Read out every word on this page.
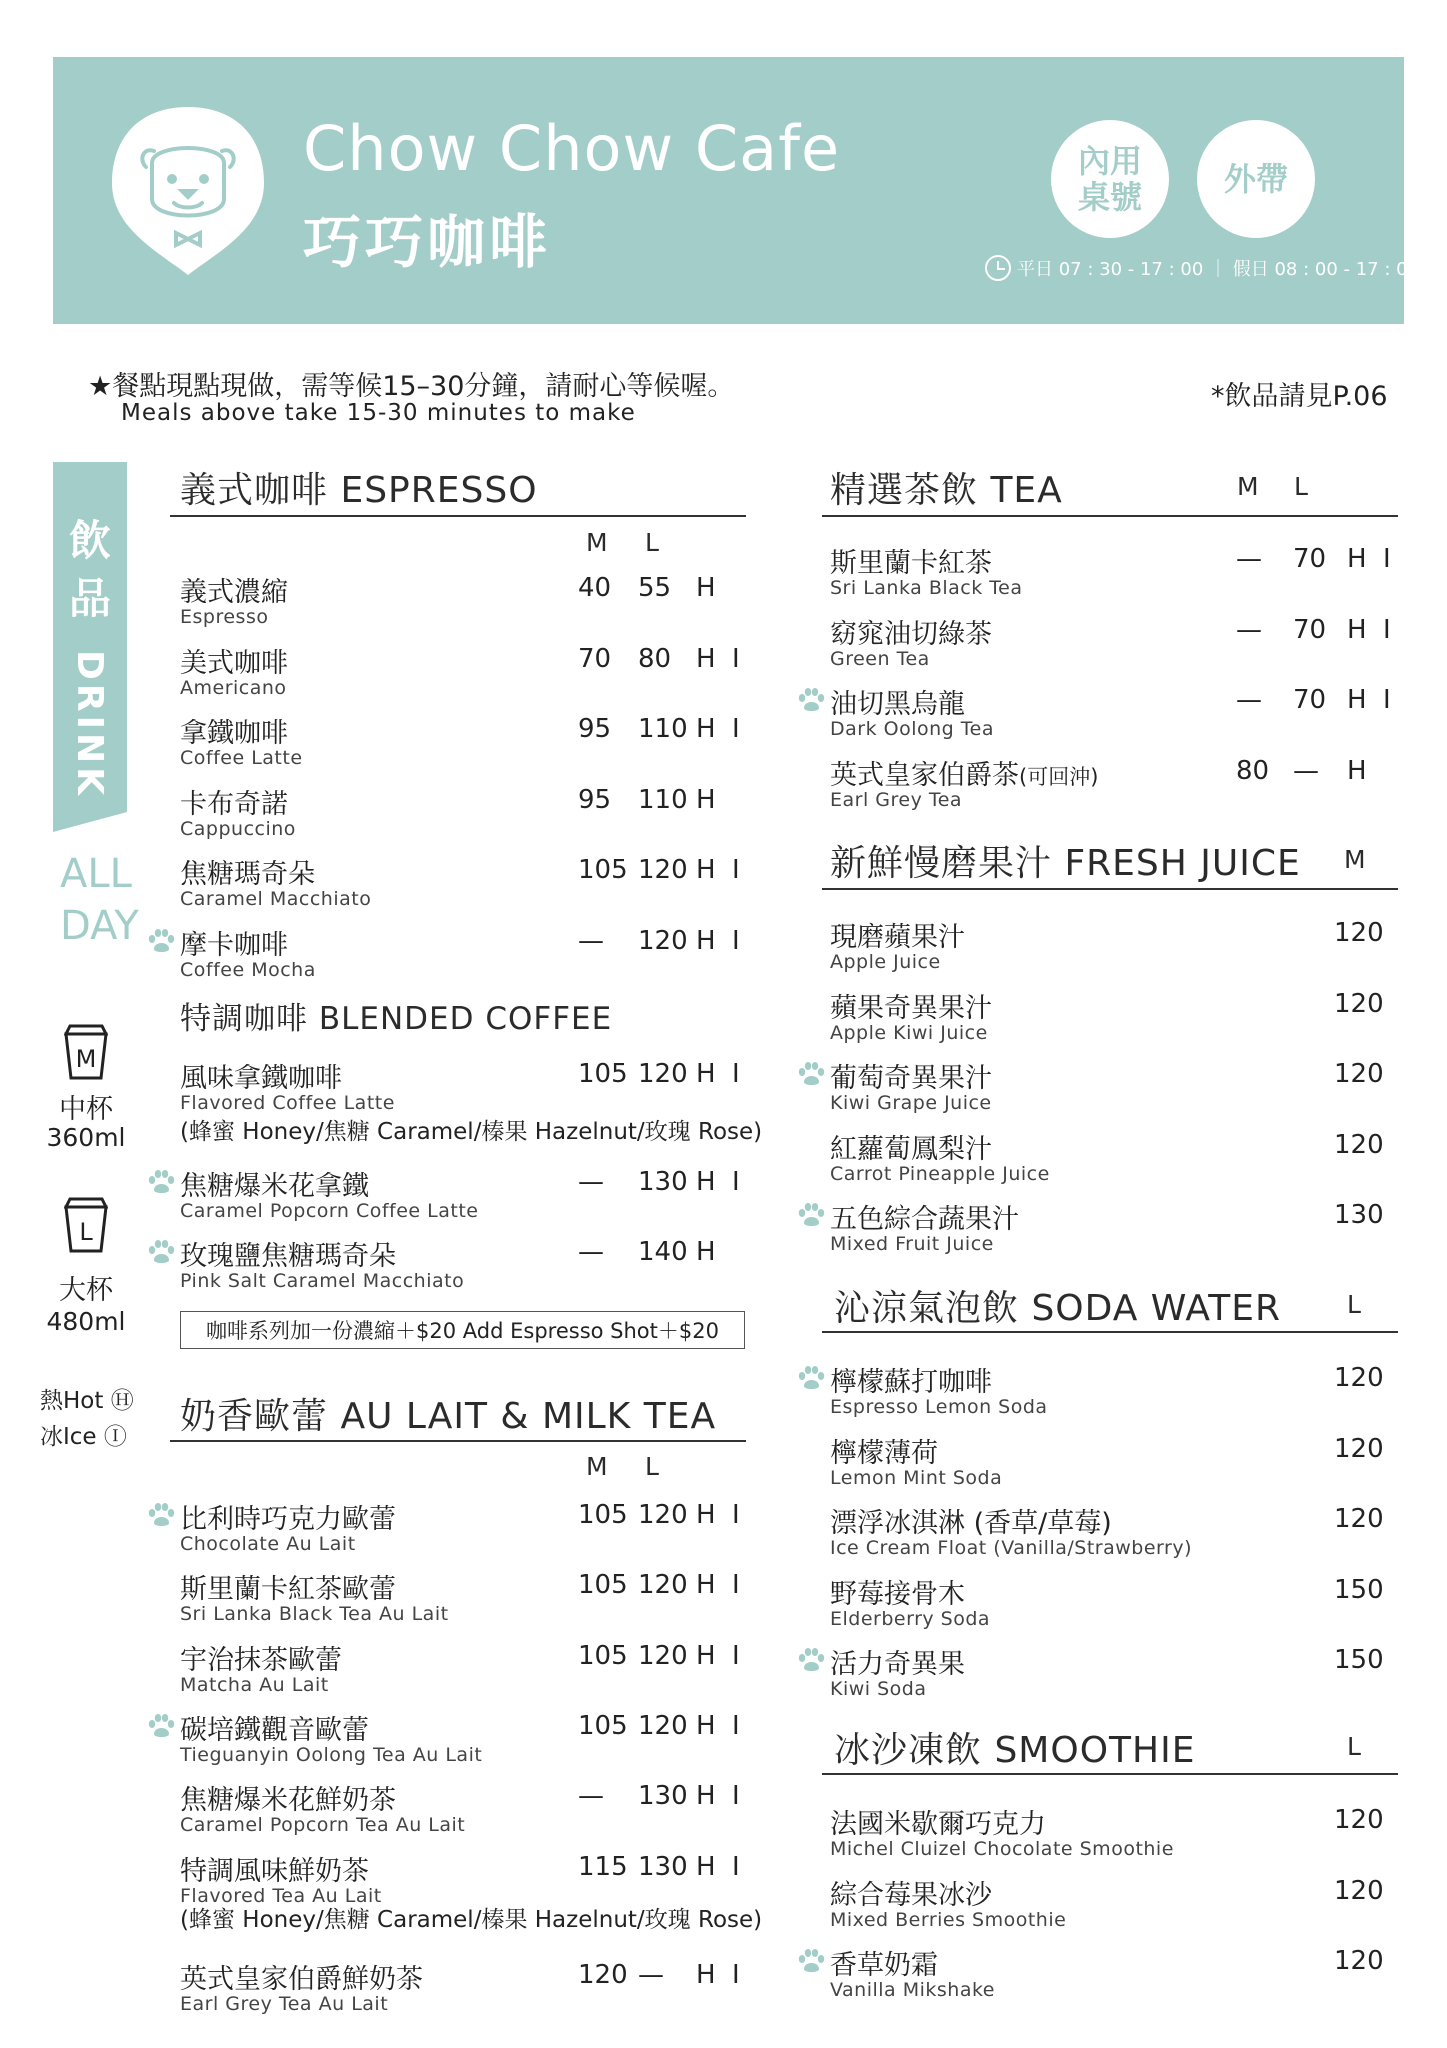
Chow Chow Cafe
巧巧咖啡
內用桌號	外帶
平日 07 : 30 - 17 : 00 ｜ 假日 08 : 00 - 17 : 00
★餐點現點現做，需等候15–30分鐘，請耐心等候喔。
Meals above take 15-30 minutes to make
*飲品請見P.06
飲品
DRINK
ALL
DAY
M
中杯
360ml
L
大杯
480ml
熱Hot Ⓗ
冰Ice Ⓘ
義式咖啡 ESPRESSO
M L
義式濃縮
Espresso
40 55 H
美式咖啡
Americano
70 80 H I
拿鐵咖啡
Coffee Latte
95 110 H I
卡布奇諾
Cappuccino
95 110 H
焦糖瑪奇朵
Caramel Macchiato
105 120 H I
摩卡咖啡
Coffee Mocha
— 120 H I
特調咖啡 BLENDED COFFEE
風味拿鐵咖啡
Flavored Coffee Latte
105 120 H I
焦糖爆米花拿鐵
Caramel Popcorn Coffee Latte
— 130 H I
玫瑰鹽焦糖瑪奇朵
Pink Salt Caramel Macchiato
— 140 H
(蜂蜜 Honey/焦糖 Caramel/榛果 Hazelnut/玫瑰 Rose)
咖啡系列加一份濃縮＋$20 Add Espresso Shot＋$20
奶香歐蕾 AU LAIT & MILK TEA
M L
比利時巧克力歐蕾
Chocolate Au Lait
105 120 H I
斯里蘭卡紅茶歐蕾
Sri Lanka Black Tea Au Lait
105 120 H I
宇治抹茶歐蕾
Matcha Au Lait
105 120 H I
碳培鐵觀音歐蕾
Tieguanyin Oolong Tea Au Lait
105 120 H I
焦糖爆米花鮮奶茶
Caramel Popcorn Tea Au Lait
— 130 H I
特調風味鮮奶茶
Flavored Tea Au Lait
115 130 H I
英式皇家伯爵鮮奶茶
Earl Grey Tea Au Lait
120 — H I
(蜂蜜 Honey/焦糖 Caramel/榛果 Hazelnut/玫瑰 Rose)
精選茶飲 TEA	M L
斯里蘭卡紅茶
Sri Lanka Black Tea
— 70 H I
窈窕油切綠茶
Green Tea
— 70 H I
油切黑烏龍
Dark Oolong Tea
— 70 H I
英式皇家伯爵茶(可回沖)
Earl Grey Tea
80 — H
新鮮慢磨果汁 FRESH JUICE M
現磨蘋果汁
Apple Juice
120
蘋果奇異果汁
Apple Kiwi Juice
120
葡萄奇異果汁
Kiwi Grape Juice
120
紅蘿蔔鳳梨汁
Carrot Pineapple Juice
120
五色綜合蔬果汁
Mixed Fruit Juice
130
沁涼氣泡飲 SODA WATER	L
檸檬蘇打咖啡
Espresso Lemon Soda
120
檸檬薄荷
Lemon Mint Soda
120
漂浮冰淇淋 (香草/草莓)
Ice Cream Float (Vanilla/Strawberry)
120
野莓接骨木
Elderberry Soda
150
活力奇異果
Kiwi Soda
150
冰沙凍飲 SMOOTHIE	L
法國米歇爾巧克力
Michel Cluizel Chocolate Smoothie
120
綜合莓果冰沙
Mixed Berries Smoothie
120
香草奶霜
Vanilla Mikshake
120
